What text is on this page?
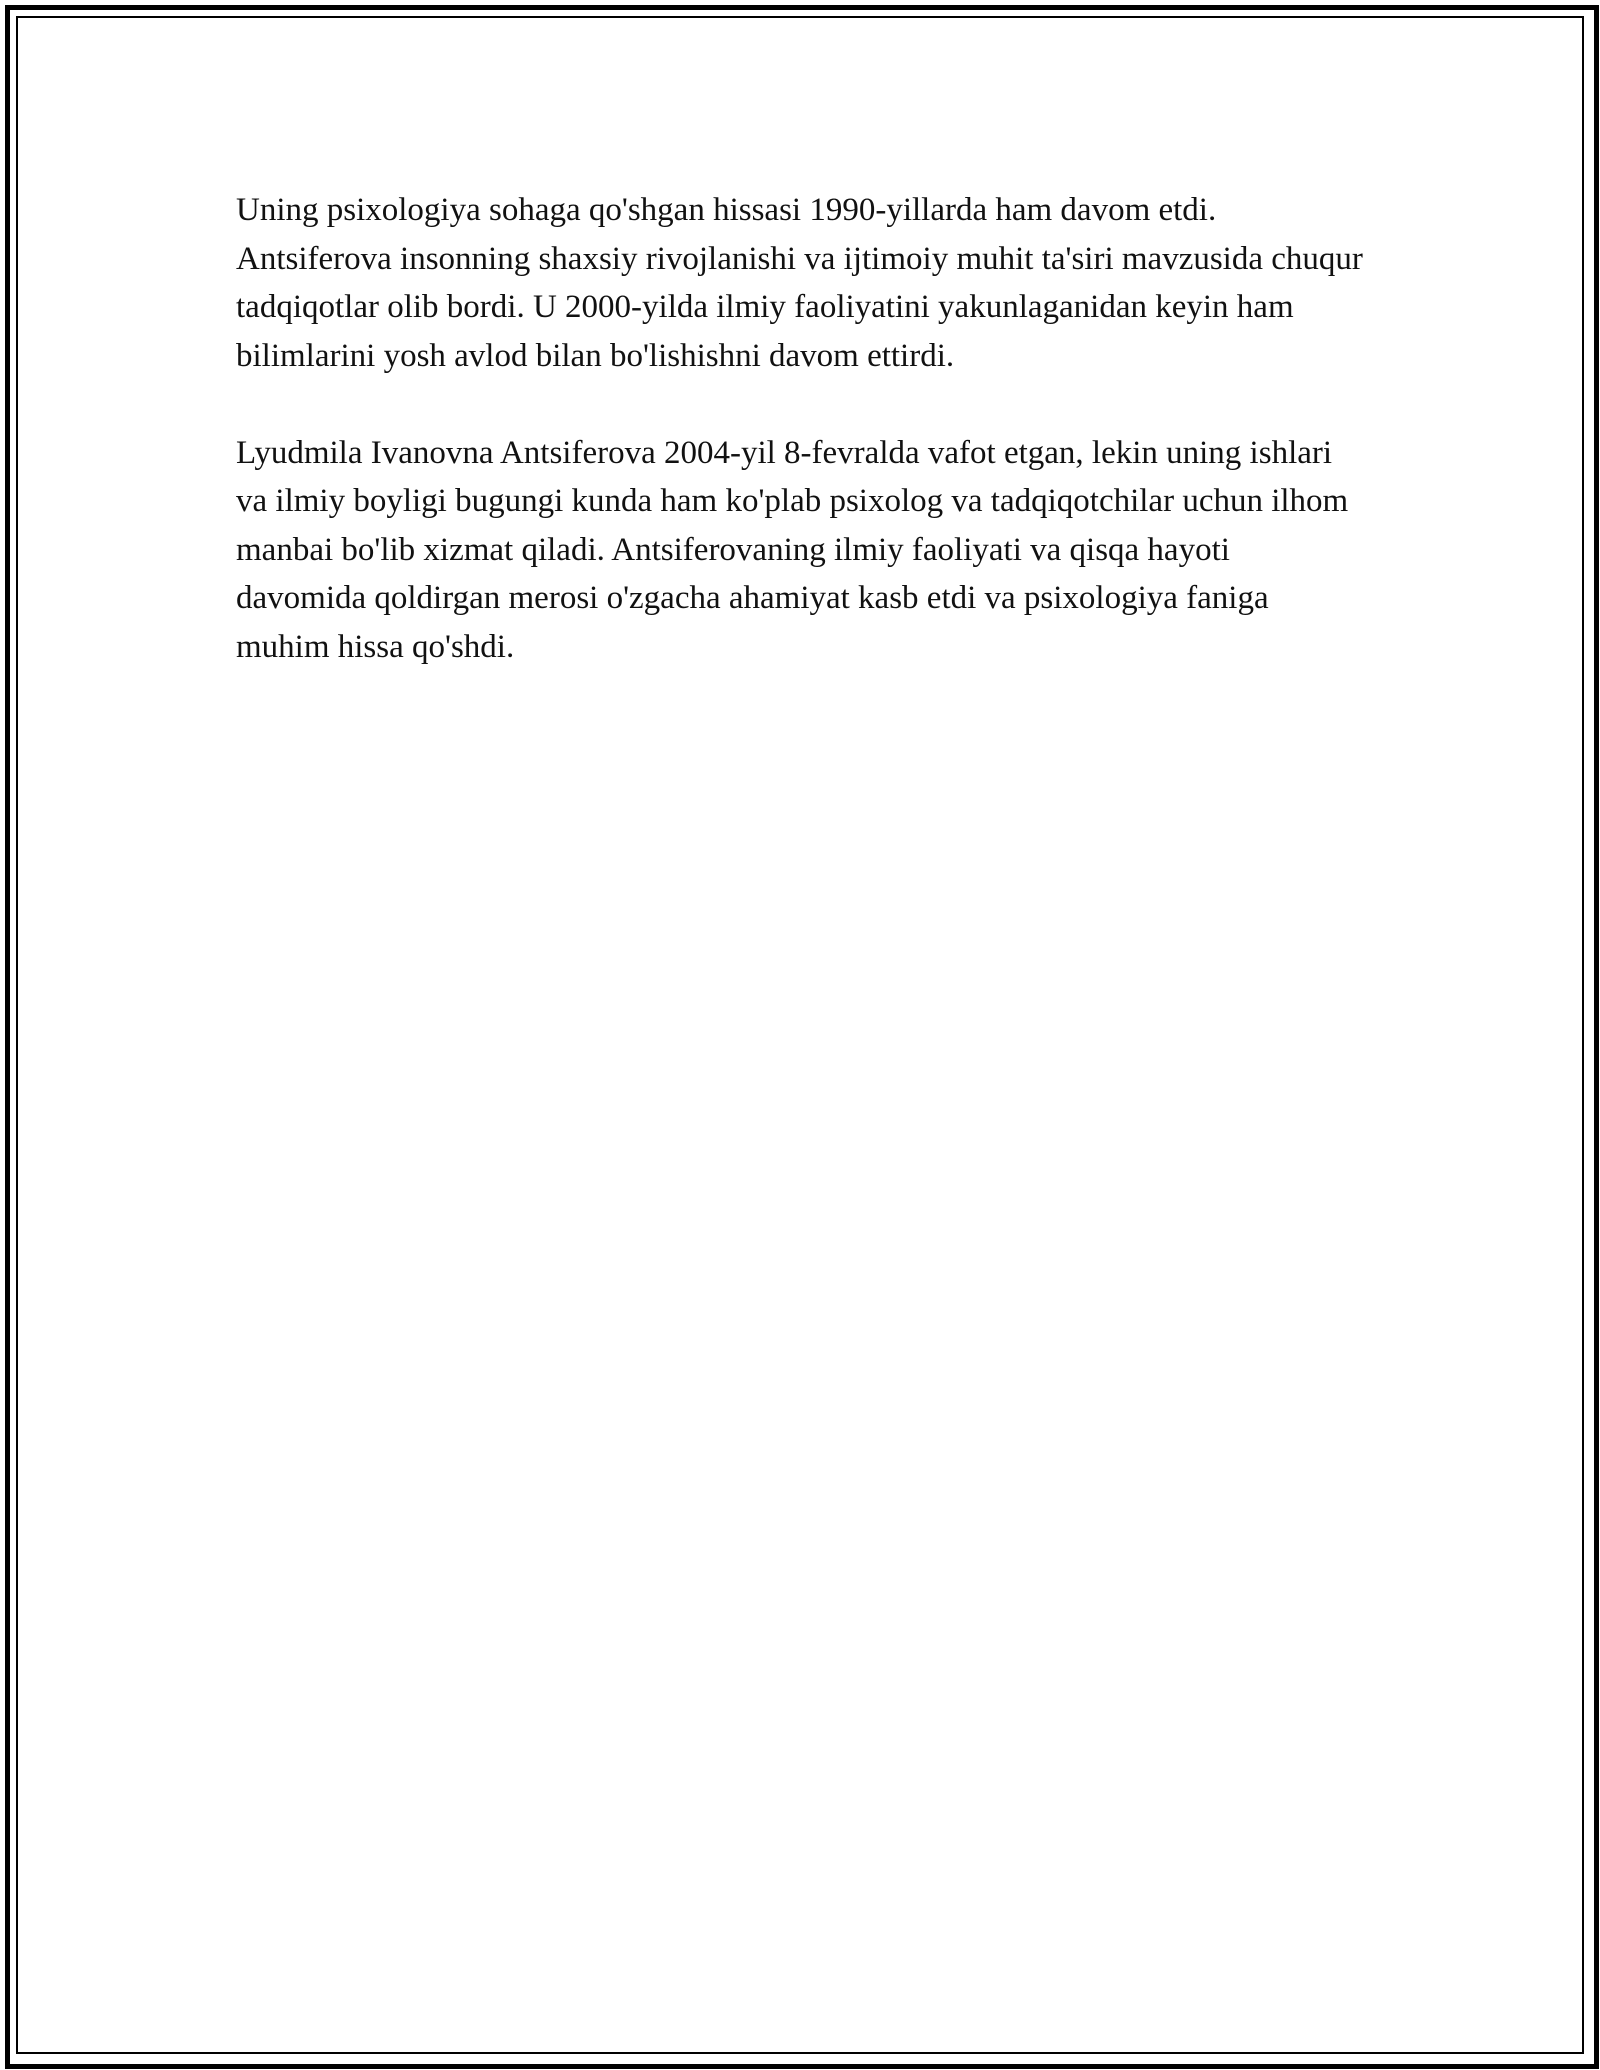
Uning psixologiya sohaga qo'shgan hissasi 1990-yillarda ham davom etdi. Antsiferova insonning shaxsiy rivojlanishi va ijtimoiy muhit ta'siri mavzusida chuqur tadqiqotlar olib bordi. U 2000-yilda ilmiy faoliyatini yakunlaganidan keyin ham bilimlarini yosh avlod bilan bo'lishishni davom ettirdi.

Lyudmila Ivanovna Antsiferova 2004-yil 8-fevralda vafot etgan, lekin uning ishlari va ilmiy boyligi bugungi kunda ham ko'plab psixolog va tadqiqotchilar uchun ilhom manbai bo'lib xizmat qiladi. Antsiferovaning ilmiy faoliyati va qisqa hayoti davomida qoldirgan merosi o'zgacha ahamiyat kasb etdi va psixologiya faniga muhim hissa qo'shdi.
